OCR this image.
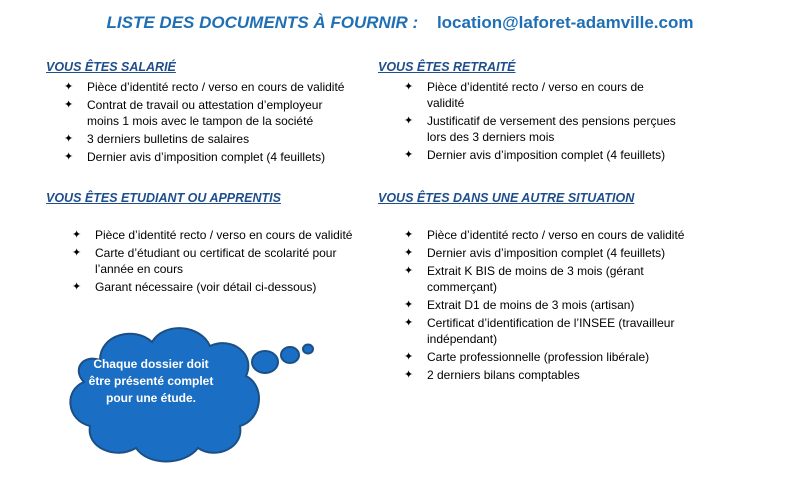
LISTE DES DOCUMENTS À FOURNIR : location@laforet-adamville.com
VOUS ÊTES SALARIÉ
✦ Pièce d’identité recto / verso en cours de validité
✦ Contrat de travail ou attestation d’employeur moins 1 mois avec le tampon de la société
✦ 3 derniers bulletins de salaires
✦ Dernier avis d’imposition complet (4 feuillets)
VOUS ÊTES RETRAITÉ
✦ Pièce d’identité recto / verso en cours de validité
✦ Justificatif de versement des pensions perçues lors des 3 derniers mois
✦ Dernier avis d’imposition complet (4 feuillets)
VOUS ÊTES ETUDIANT OU APPRENTIS
✦ Pièce d’identité recto / verso en cours de validité
✦ Carte d’étudiant ou certificat de scolarité pour l’année en cours
✦ Garant nécessaire (voir détail ci-dessous)
VOUS ÊTES DANS UNE AUTRE SITUATION
✦ Pièce d’identité recto / verso en cours de validité
✦ Dernier avis d’imposition complet (4 feuillets)
✦ Extrait K BIS de moins de 3 mois (gérant commerçant)
✦ Extrait D1 de moins de 3 mois (artisan)
✦ Certificat d’identification de l’INSEE (travailleur indépendant)
✦ Carte professionnelle (profession libérale)
✦ 2 derniers bilans comptables
Chaque dossier doit être présenté complet pour une étude.
